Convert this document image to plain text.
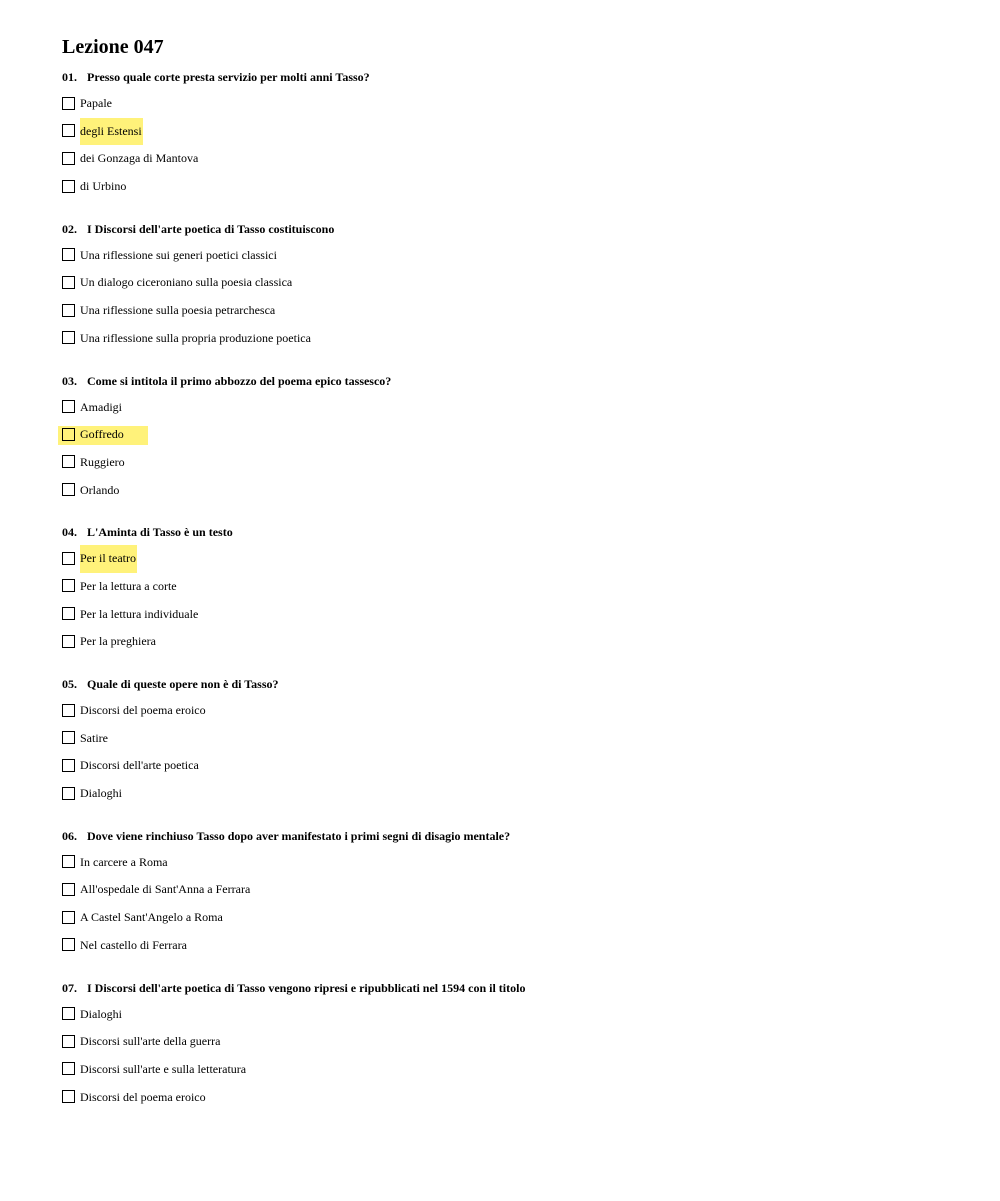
Lezione 047
01. Presso quale corte presta servizio per molti anni Tasso?
Papale
degli Estensi
dei Gonzaga di Mantova
di Urbino
02. I Discorsi dell'arte poetica di Tasso costituiscono
Una riflessione sui generi poetici classici
Un dialogo ciceroniano sulla poesia classica
Una riflessione sulla poesia petrarchesca
Una riflessione sulla propria produzione poetica
03. Come si intitola il primo abbozzo del poema epico tassesco?
Amadigi
Goffredo
Ruggiero
Orlando
04. L'Aminta di Tasso è un testo
Per il teatro
Per la lettura a corte
Per la lettura individuale
Per la preghiera
05. Quale di queste opere non è di Tasso?
Discorsi del poema eroico
Satire
Discorsi dell'arte poetica
Dialoghi
06. Dove viene rinchiuso Tasso dopo aver manifestato i primi segni di disagio mentale?
In carcere a Roma
All'ospedale di Sant'Anna a Ferrara
A Castel Sant'Angelo a Roma
Nel castello di Ferrara
07. I Discorsi dell'arte poetica di Tasso vengono ripresi e ripubblicati nel 1594 con il titolo
Dialoghi
Discorsi sull'arte della guerra
Discorsi sull'arte e sulla letteratura
Discorsi del poema eroico
